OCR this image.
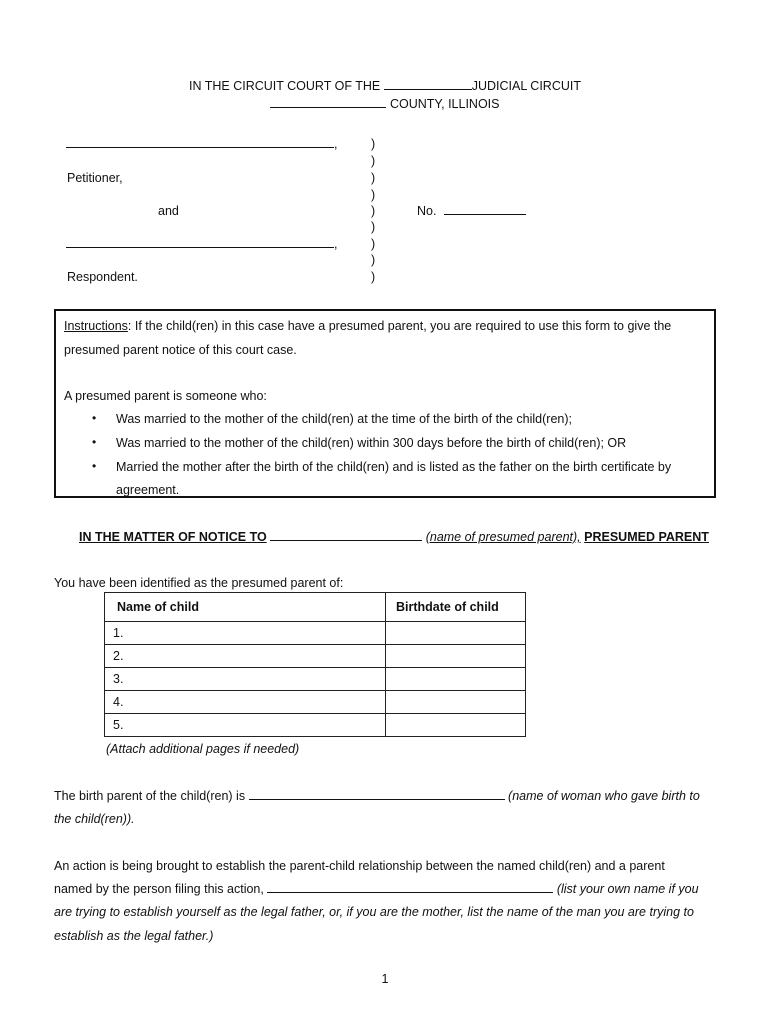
IN THE CIRCUIT COURT OF THE	JUDICIAL CIRCUIT
COUNTY, ILLINOIS
,
Petitioner,
and
,
Respondent.
)
)
)
)
)
)
)
)
)
No.
Instructions: If the child(ren) in this case have a presumed parent, you are required to use this form to give the
presumed parent notice of this court case.
A presumed parent is someone who:
• Was married to the mother of the child(ren) at the time of the birth of the child(ren);
• Was married to the mother of the child(ren) within 300 days before the birth of child(ren); OR
• Married the mother after the birth of the child(ren) and is listed as the father on the birth certificate by
agreement.
IN THE MATTER OF NOTICE TO	(name of presumed parent), PRESUMED PARENT
You have been identified as the presumed parent of:
Name of child	Birthdate of child
1.	
2.	
3.	
4.	
5.	
(Attach additional pages if needed)
The birth parent of the child(ren) is	(name of woman who gave birth to
the child(ren)).
An action is being brought to establish the parent-child relationship between the named child(ren) and a parent
named by the person filing this action,	(list your own name if you
are trying to establish yourself as the legal father, or, if you are the mother, list the name of the man you are trying to
establish as the legal father.)
1
